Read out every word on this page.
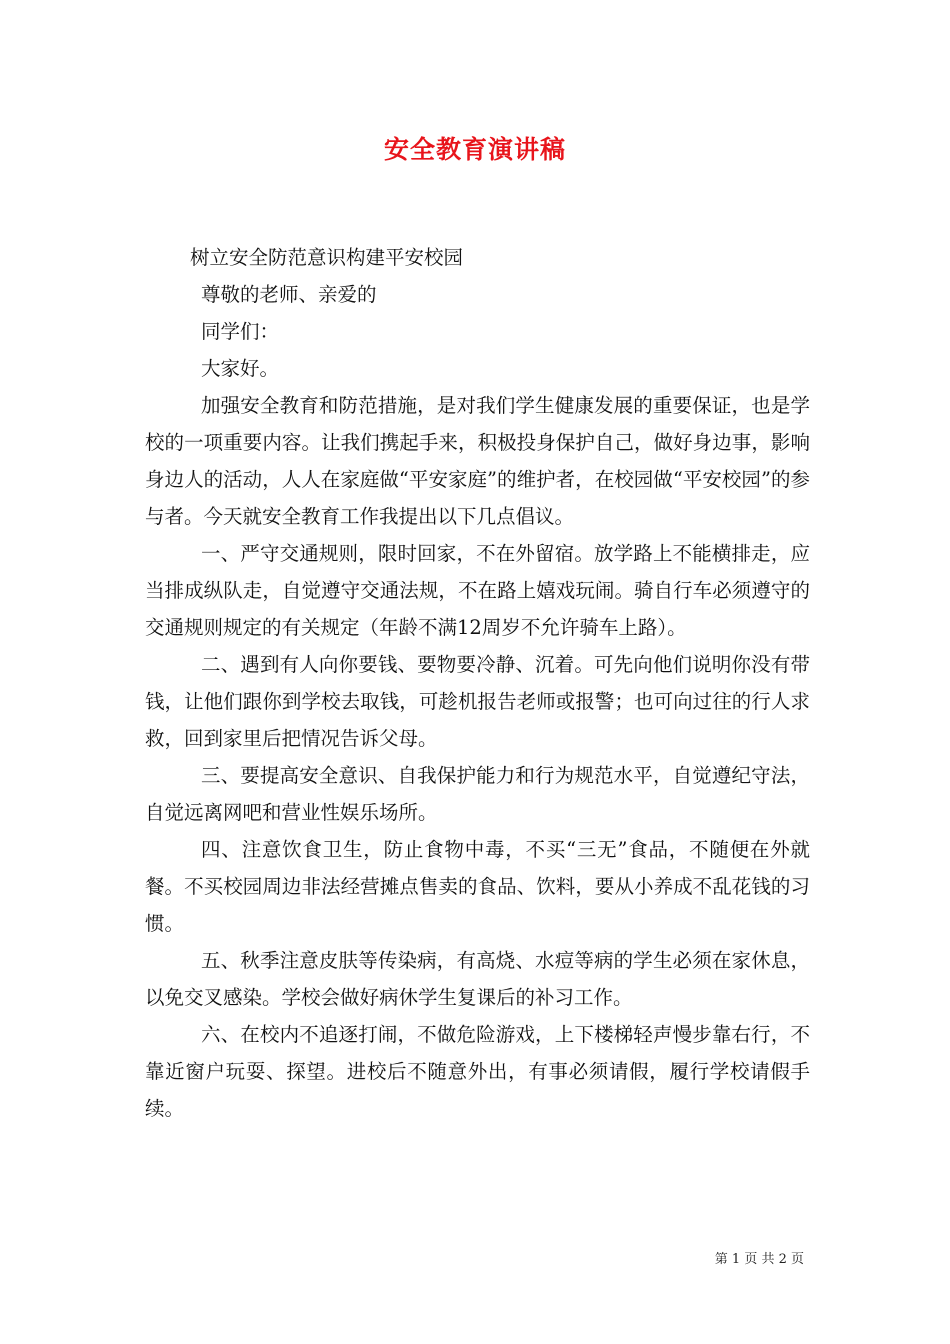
安全教育演讲稿
树立安全防范意识构建平安校园
尊敬的老师、亲爱的
同学们：
大家好。
加强安全教育和防范措施，是对我们学生健康发展的重要保证，也是学校的一项重要内容。让我们携起手来，积极投身保护自己，做好身边事，影响身边人的活动，人人在家庭做“平安家庭”的维护者，在校园做“平安校园”的参与者。今天就安全教育工作我提出以下几点倡议。
一、严守交通规则，限时回家，不在外留宿。放学路上不能横排走，应当排成纵队走，自觉遵守交通法规，不在路上嬉戏玩闹。骑自行车必须遵守的交通规则规定的有关规定（年龄不满12周岁不允许骑车上路）。
二、遇到有人向你要钱、要物要冷静、沉着。可先向他们说明你没有带钱，让他们跟你到学校去取钱，可趁机报告老师或报警；也可向过往的行人求救，回到家里后把情况告诉父母。
三、要提高安全意识、自我保护能力和行为规范水平，自觉遵纪守法，自觉远离网吧和营业性娱乐场所。
四、注意饮食卫生，防止食物中毒，不买“三无”食品，不随便在外就餐。不买校园周边非法经营摊点售卖的食品、饮料，要从小养成不乱花钱的习惯。
五、秋季注意皮肤等传染病，有高烧、水痘等病的学生必须在家休息，以免交叉感染。学校会做好病休学生复课后的补习工作。
六、在校内不追逐打闹，不做危险游戏，上下楼梯轻声慢步靠右行，不靠近窗户玩耍、探望。进校后不随意外出，有事必须请假，履行学校请假手续。
第 1 页 共 2 页
